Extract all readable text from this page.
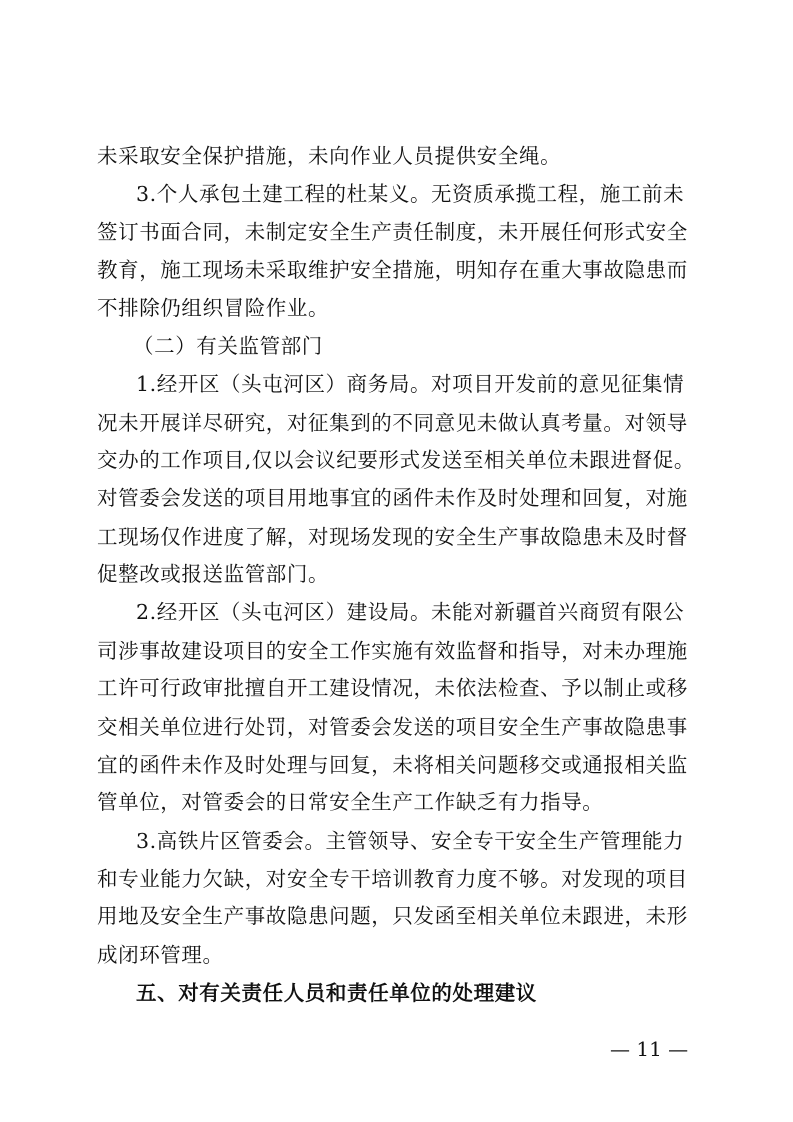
未采取安全保护措施，未向作业人员提供安全绳。
3.个人承包土建工程的杜某义。无资质承揽工程，施工前未
签订书面合同，未制定安全生产责任制度，未开展任何形式安全
教育，施工现场未采取维护安全措施，明知存在重大事故隐患而
不排除仍组织冒险作业。
（二）有关监管部门
1.经开区（头屯河区）商务局。对项目开发前的意见征集情
况未开展详尽研究，对征集到的不同意见未做认真考量。对领导
交办的工作项目,仅以会议纪要形式发送至相关单位未跟进督促。
对管委会发送的项目用地事宜的函件未作及时处理和回复，对施
工现场仅作进度了解，对现场发现的安全生产事故隐患未及时督
促整改或报送监管部门。
2.经开区（头屯河区）建设局。未能对新疆首兴商贸有限公
司涉事故建设项目的安全工作实施有效监督和指导，对未办理施
工许可行政审批擅自开工建设情况，未依法检查、予以制止或移
交相关单位进行处罚，对管委会发送的项目安全生产事故隐患事
宜的函件未作及时处理与回复，未将相关问题移交或通报相关监
管单位，对管委会的日常安全生产工作缺乏有力指导。
3.高铁片区管委会。主管领导、安全专干安全生产管理能力
和专业能力欠缺，对安全专干培训教育力度不够。对发现的项目
用地及安全生产事故隐患问题，只发函至相关单位未跟进，未形
成闭环管理。
五、对有关责任人员和责任单位的处理建议
— 11 —
